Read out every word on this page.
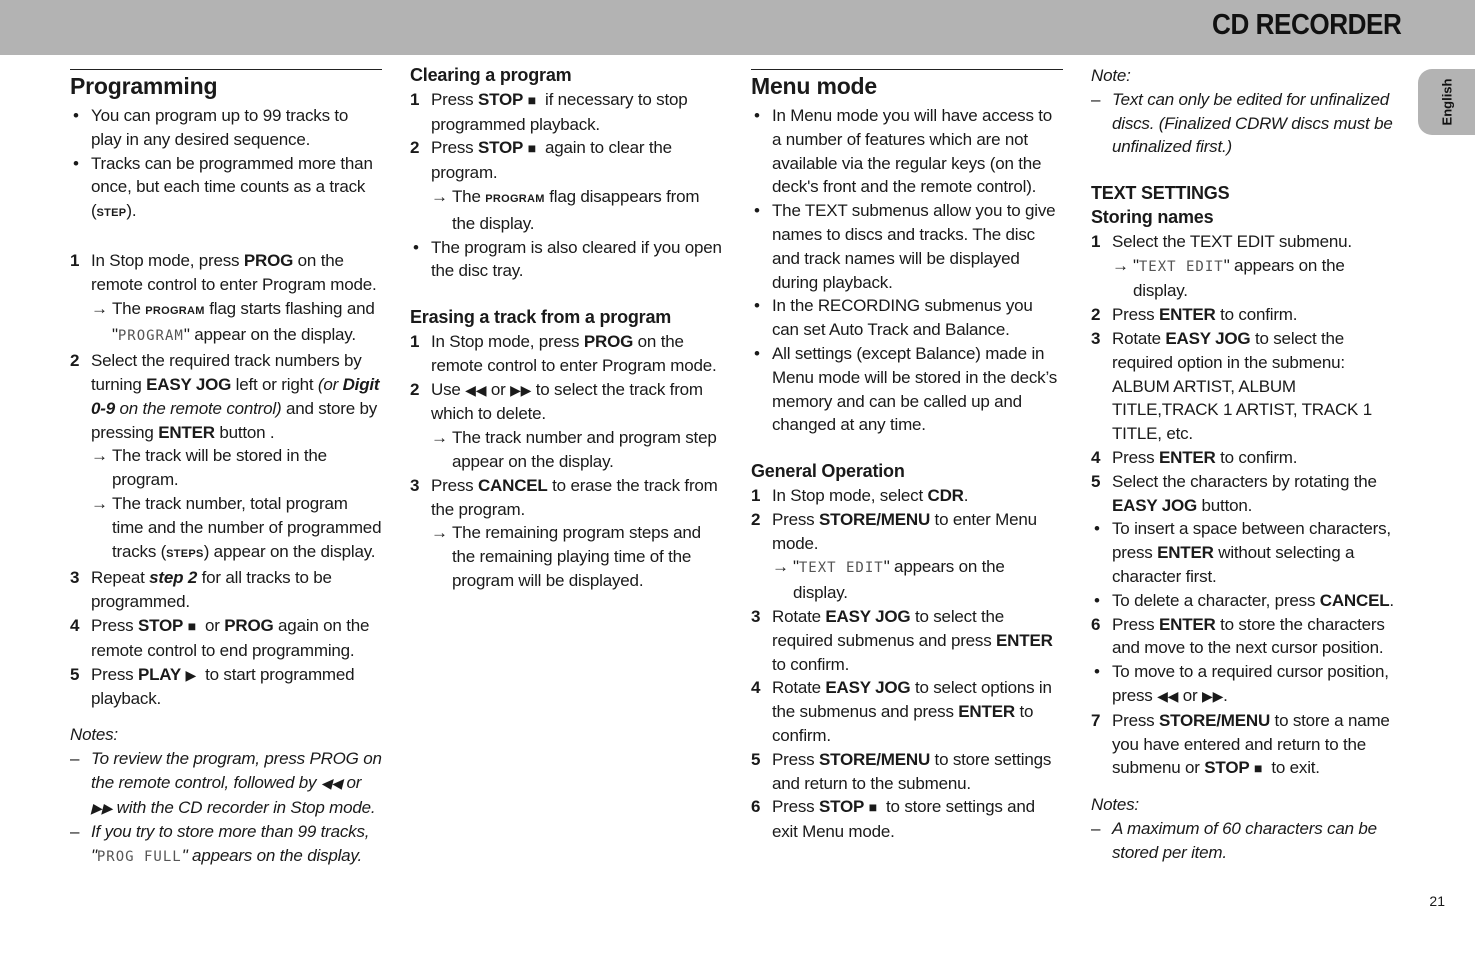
CD RECORDER
English
Programming
• You can program up to 99 tracks to play in any desired sequence.
• Tracks can be programmed more than once, but each time counts as a track (STEP).
1 In Stop mode, press PROG on the remote control to enter Program mode.
→ The PROGRAM flag starts flashing and "PROGRAM" appear on the display.
2 Select the required track numbers by turning EASY JOG left or right (or Digit 0-9 on the remote control) and store by pressing ENTER button .
→ The track will be stored in the program.
→ The track number, total program time and the number of programmed tracks (STEPS) appear on the display.
3 Repeat step 2 for all tracks to be programmed.
4 Press STOP ■  or PROG again on the remote control to end programming.
5 Press PLAY ▶  to start programmed playback.
Notes:
– To review the program, press PROG on the remote control, followed by ◀◀ or ▶▶ with the CD recorder in Stop mode.
– If you try to store more than 99 tracks, "PROG FULL" appears on the display.
Clearing a program
1 Press STOP ■  if necessary to stop programmed playback.
2 Press STOP ■  again to clear the program.
→ The PROGRAM flag disappears from the display.
• The program is also cleared if you open the disc tray.
Erasing a track from a program
1 In Stop mode, press PROG on the remote control to enter Program mode.
2 Use ◀◀ or ▶▶ to select the track from which to delete.
→ The track number and program step appear on the display.
3 Press CANCEL to erase the track from the program.
→ The remaining program steps and the remaining playing time of the program will be displayed.
Menu mode
• In Menu mode you will have access to a number of features which are not available via the regular keys (on the deck's front and the remote control).
• The TEXT submenus allow you to give names to discs and tracks. The disc and track names will be displayed during playback.
• In the RECORDING submenus you can set Auto Track and Balance.
• All settings (except Balance) made in Menu mode will be stored in the deck’s memory and can be called up and changed at any time.
General Operation
1 In Stop mode, select CDR.
2 Press STORE/MENU to enter Menu mode.
→ "TEXT EDIT" appears on the display.
3 Rotate EASY JOG to select the required submenus and press ENTER to confirm.
4 Rotate EASY JOG to select options in the submenus and press ENTER to confirm.
5 Press STORE/MENU to store settings and return to the submenu.
6 Press STOP ■  to store settings and exit Menu mode.
Note:
– Text can only be edited for unfinalized discs. (Finalized CDRW discs must be unfinalized first.)
TEXT SETTINGS
Storing names
1 Select the TEXT EDIT submenu.
→ "TEXT EDIT" appears on the display.
2 Press ENTER to confirm.
3 Rotate EASY JOG to select the required option in the submenu: ALBUM ARTIST, ALBUM TITLE,TRACK 1 ARTIST, TRACK 1 TITLE, etc.
4 Press ENTER to confirm.
5 Select the characters by rotating the EASY JOG button.
• To insert a space between characters, press ENTER without selecting a character first.
• To delete a character, press CANCEL.
6 Press ENTER to store the characters and move to the next cursor position.
• To move to a required cursor position, press ◀◀ or ▶▶.
7 Press STORE/MENU to store a name you have entered and return to the submenu or STOP ■  to exit.
Notes:
– A maximum of 60 characters can be stored per item.
21
